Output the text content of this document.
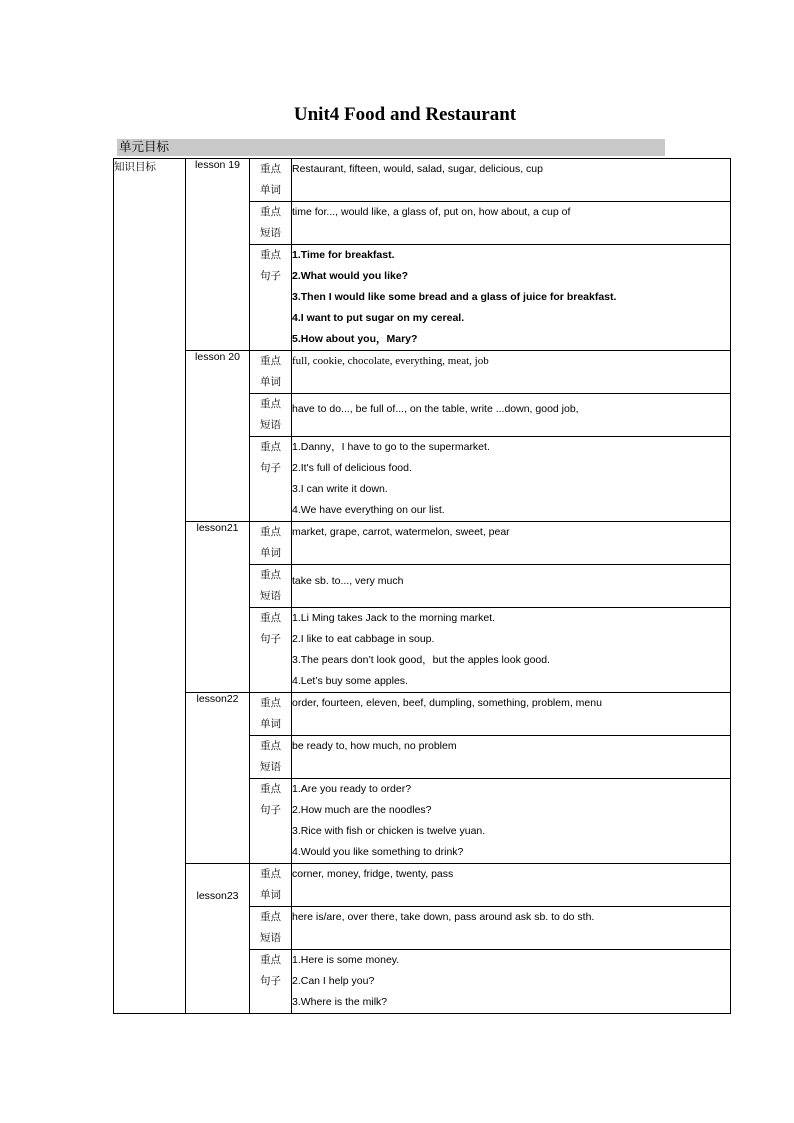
Unit4 Food and Restaurant
单元目标
知识目标	lesson 19	重点
单词	Restaurant, fifteen, would, salad, sugar, delicious, cup

		重点
短语	time for..., would like, a glass of, put on, how about, a cup of

		重点
句子	1.Time for breakfast.
2.What would you like?
3.Then I would like some bread and a glass of juice for breakfast.
4.I want to put sugar on my cereal.
5.How about you，Mary?

	lesson 20	重点
单词	full, cookie, chocolate, everything, meat, job

		重点
短语	have to do..., be full of..., on the table, write ...down, good job,

		重点
句子	1.Danny，I have to go to the supermarket.
2.It's full of delicious food.
3.I can write it down.
4.We have everything on our list.

	lesson21	重点
单词	market, grape, carrot, watermelon, sweet, pear

		重点
短语	take sb. to..., very much

		重点
句子	1.Li Ming takes Jack to the morning market.
2.I like to eat cabbage in soup.
3.The pears don’t look good，but the apples look good.
4.Let’s buy some apples.

	lesson22	重点
单词	order, fourteen, eleven, beef, dumpling, something, problem, menu

		重点
短语	be ready to, how much, no problem

		重点
句子	1.Are you ready to order?
2.How much are the noodles?
3.Rice with fish or chicken is twelve yuan.
4.Would you like something to drink?

	lesson23	重点
单词	corner, money, fridge, twenty, pass

		重点
短语	here is/are, over there, take down, pass around ask sb. to do sth.

		重点
句子	1.Here is some money.
2.Can I help you?
3.Where is the milk?
